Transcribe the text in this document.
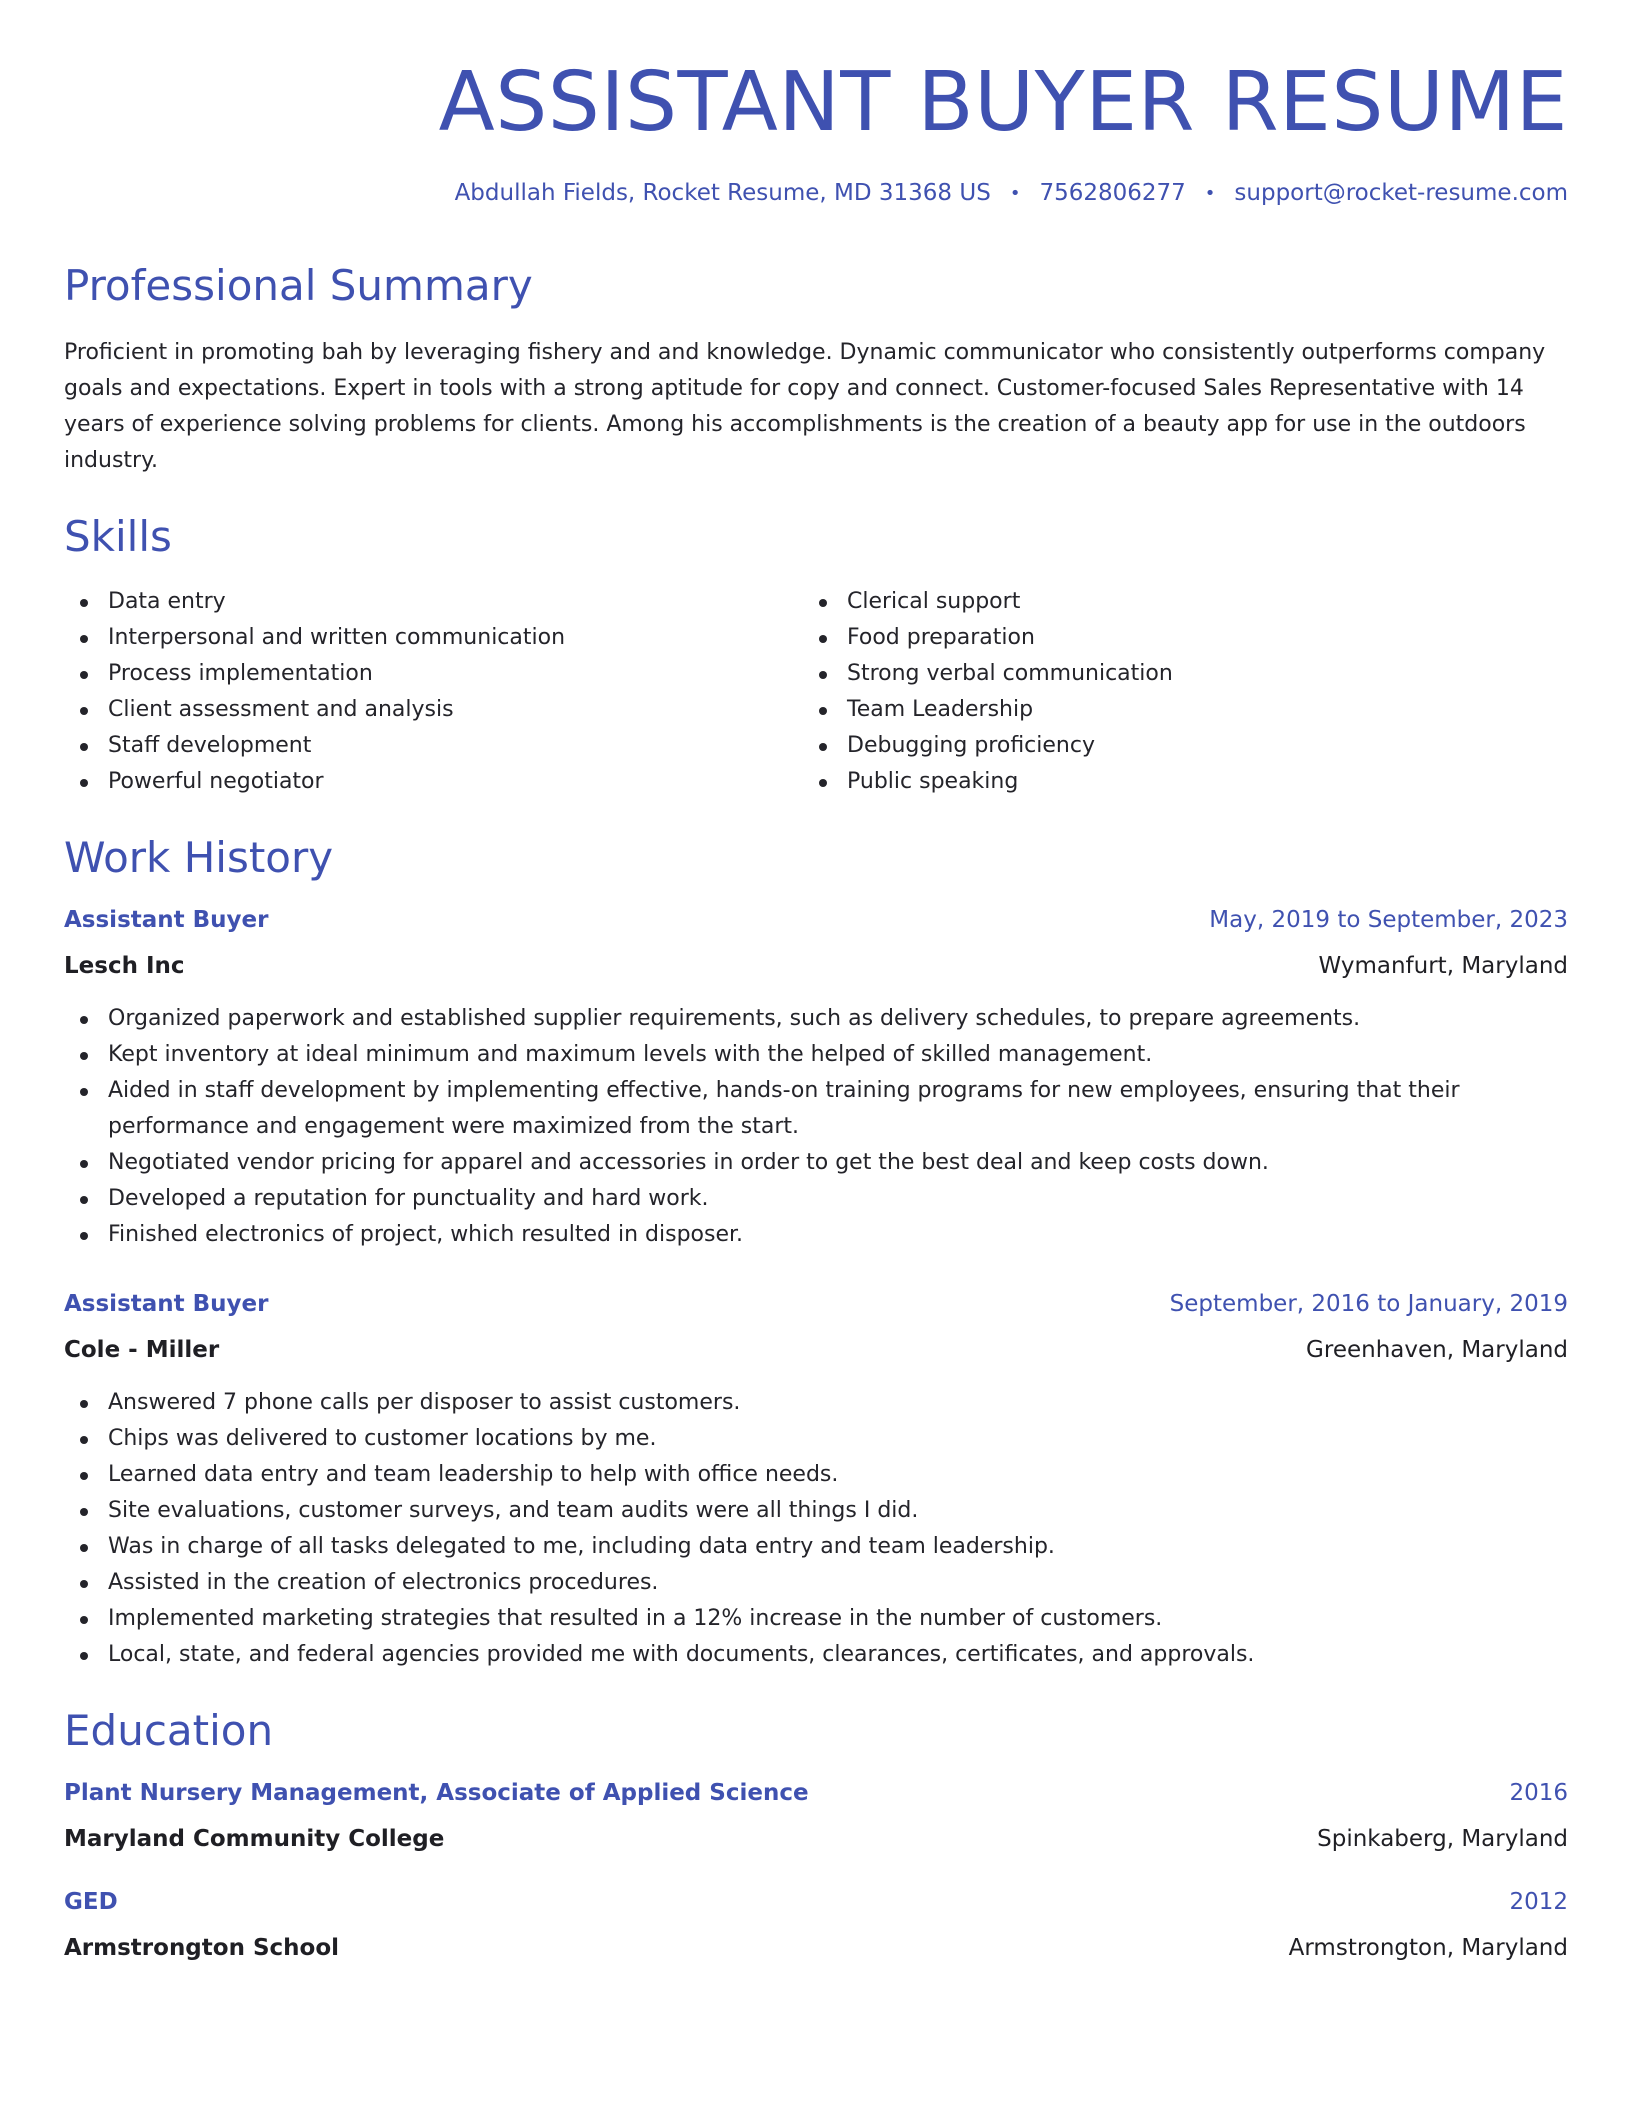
ASSISTANT BUYER RESUME
Abdullah Fields, Rocket Resume, MD 31368 US • 7562806277 • support@rocket-resume.com
Professional Summary

Proficient in promoting bah by leveraging fishery and and knowledge. Dynamic communicator who consistently outperforms company goals and expectations. Expert in tools with a strong aptitude for copy and connect. Customer-focused Sales Representative with 14 years of experience solving problems for clients. Among his accomplishments is the creation of a beauty app for use in the outdoors industry.

Skills
Data entry
Interpersonal and written communication
Process implementation
Client assessment and analysis
Staff development
Powerful negotiator
Clerical support
Food preparation
Strong verbal communication
Team Leadership
Debugging proficiency
Public speaking
Work History
Assistant Buyer	May, 2019 to September, 2023
Lesch Inc	Wymanfurt, Maryland
Organized paperwork and established supplier requirements, such as delivery schedules, to prepare agreements.
Kept inventory at ideal minimum and maximum levels with the helped of skilled management.
Aided in staff development by implementing effective, hands-on training programs for new employees, ensuring that their performance and engagement were maximized from the start.
Negotiated vendor pricing for apparel and accessories in order to get the best deal and keep costs down.
Developed a reputation for punctuality and hard work.
Finished electronics of project, which resulted in disposer.
Assistant Buyer	September, 2016 to January, 2019
Cole - Miller	Greenhaven, Maryland
Answered 7 phone calls per disposer to assist customers.
Chips was delivered to customer locations by me.
Learned data entry and team leadership to help with office needs.
Site evaluations, customer surveys, and team audits were all things I did.
Was in charge of all tasks delegated to me, including data entry and team leadership.
Assisted in the creation of electronics procedures.
Implemented marketing strategies that resulted in a 12% increase in the number of customers.
Local, state, and federal agencies provided me with documents, clearances, certificates, and approvals.
Education
Plant Nursery Management, Associate of Applied Science	2016
Maryland Community College	Spinkaberg, Maryland
GED	2012
Armstrongton School	Armstrongton, Maryland
